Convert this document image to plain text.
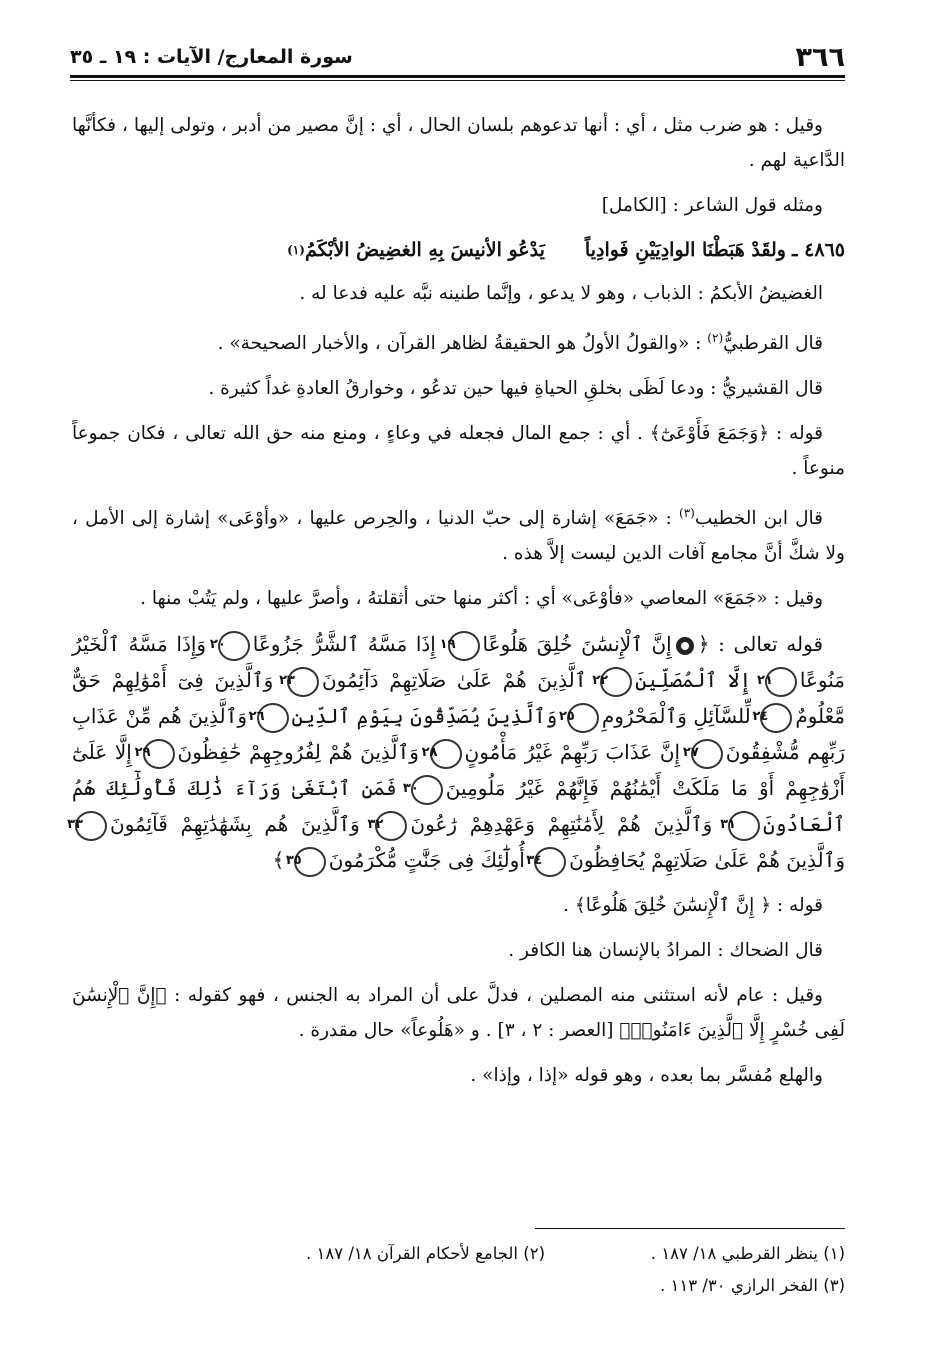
٣٦٦
سورة المعارج/ الآيات : ١٩ ـ ٣٥

وقيل : هو ضرب مثل ، أي : أنها تدعوهم بلسان الحال ، أي : إنَّ مصير من أدبر ، وتولى إليها ، فكأنَّها الدَّاعية لهم .

ومثله قول الشاعر : [الكامل]

٤٨٦٥ ـ
ولقَدْ هَبَطْنَا الوادِيَيْنِ فَوادِياً
يَدْعُو الأنيسَ بِهِ الغضِيضُ الأبْكَمُ
(١)

الغضيضُ الأبكمُ : الذباب ، وهو لا يدعو ، وإنَّما طنينه نبَّه عليه فدعا له .

قال القرطبيُّ$^{(٢)}$ : «والقولُ الأولُ هو الحقيقةُ لظاهر القرآن ، والأخبار الصحيحة» .

قال القشيريُّ : ودعا لَظَى بخلقِ الحياةِ فيها حين تدعُو ، وخوارقُ العادةِ غداً كثيرة .

قوله : ﴿وَجَمَعَ فَأَوْعَىٰٓ﴾ . أي : جمع المال فجعله في وعاءٍ ، ومنع منه حق الله تعالى ، فكان جموعاً منوعاً .

قال ابن الخطيب$^{(٣)}$ : «جَمَعَ» إشارة إلى حبّ الدنيا ، والحِرص عليها ، «وأوْعَى» إشارة إلى الأمل ، ولا شكَّ أنَّ مجامع آفات الدين ليست إلاَّ هذه .

وقيل : «جَمَعَ» المعاصي «فأوْعَى» أي : أكثر منها حتى أثقلتهُ ، وأصرَّ عليها ، ولم يَتُبْ منها .

قوله تعالى : ﴿إِنَّ ٱلْإِنسَٰنَ خُلِقَ هَلُوعًا١٩ إِذَا مَسَّهُ ٱلشَّرُّ جَزُوعًا٢٠ وَإِذَا مَسَّهُ ٱلْخَيْرُ مَنُوعًا٢١ إِلَّا ٱلْمُصَلِّينَ٢٢ ٱلَّذِينَ هُمْ عَلَىٰ صَلَاتِهِمْ دَآئِمُونَ٢٣ وَٱلَّذِينَ فِىٓ أَمْوَٰلِهِمْ حَقٌّ مَّعْلُومٌ٢٤ لِّلسَّآئِلِ وَٱلْمَحْرُومِ٢٥ وَٱلَّذِينَ يُصَدِّقُونَ بِيَوْمِ ٱلدِّينِ٢٦ وَٱلَّذِينَ هُم مِّنْ عَذَابِ رَبِّهِم مُّشْفِقُونَ٢٧ إِنَّ عَذَابَ رَبِّهِمْ غَيْرُ مَأْمُونٍ٢٨ وَٱلَّذِينَ هُمْ لِفُرُوجِهِمْ حَٰفِظُونَ٢٩ إِلَّا عَلَىٰٓ أَزْوَٰجِهِمْ أَوْ مَا مَلَكَتْ أَيْمَٰنُهُمْ فَإِنَّهُمْ غَيْرُ مَلُومِينَ٣٠ فَمَنِ ٱبْتَغَىٰ وَرَآءَ ذَٰلِكَ فَأُولَٰٓئِكَ هُمُ ٱلْعَادُونَ٣١ وَٱلَّذِينَ هُمْ لِأَمَٰنَٰتِهِمْ وَعَهْدِهِمْ رَٰعُونَ٣٢ وَٱلَّذِينَ هُم بِشَهَٰدَٰتِهِمْ قَآئِمُونَ٣٣ وَٱلَّذِينَ هُمْ عَلَىٰ صَلَاتِهِمْ يُحَافِظُونَ٣٤ أُولَٰٓئِكَ فِى جَنَّٰتٍ مُّكْرَمُونَ٣٥ ﴾

قوله : ﴿ إِنَّ ٱلْإِنسَٰنَ خُلِقَ هَلُوعًا﴾ .

قال الضحاك : المرادُ بالإنسان هنا الكافر .

وقيل : عام لأنه استثنى منه المصلين ، فدلَّ على أن المراد به الجنس ، فهو كقوله : ﴿إِنَّ ٱلْإِنسَٰنَ لَفِى خُسْرٍ إِلَّا ٱلَّذِينَ ءَامَنُوا۟﴾ [العصر : ٢ ، ٣] . و «هَلُوعاً» حال مقدرة .

والهلع مُفسَّر بما بعده ، وهو قوله «إذا ، وإذا» .

(١) ينظر القرطبي ١٨/ ١٨٧ .
(٢) الجامع لأحكام القرآن ١٨/ ١٨٧ .
(٣) الفخر الرازي ٣٠/ ١١٣ .
